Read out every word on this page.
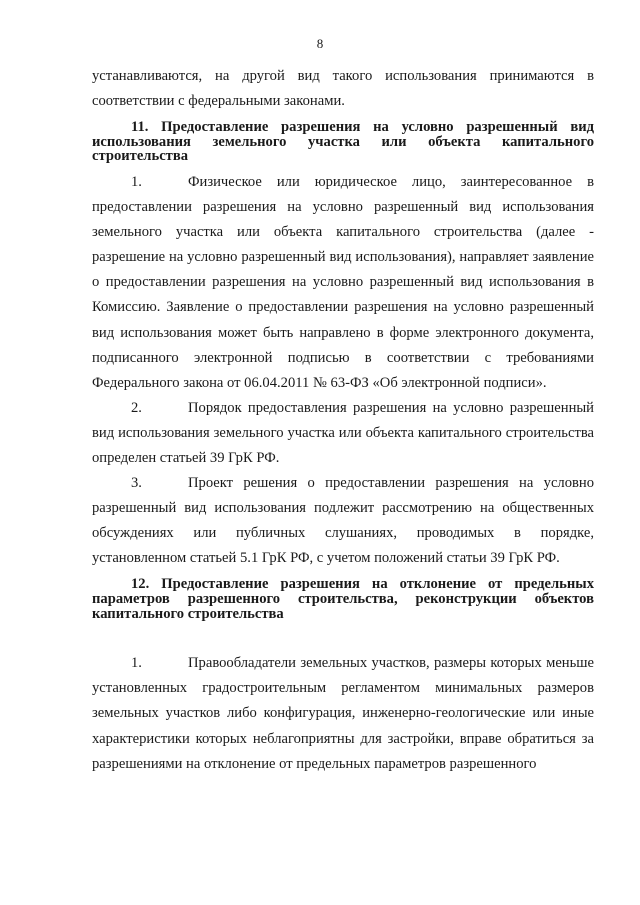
8

устанавливаются, на другой вид такого использования принимаются в соответствии с федеральными законами.

11. Предоставление разрешения на условно разрешенный вид использования земельного участка или объекта капитального строительства

1.	Физическое или юридическое лицо, заинтересованное в предоставлении разрешения на условно разрешенный вид использования земельного участка или объекта капитального строительства (далее - разрешение на условно разрешенный вид использования), направляет заявление о предоставлении разрешения на условно разрешенный вид использования в Комиссию. Заявление о предоставлении разрешения на условно разрешенный вид использования может быть направлено в форме электронного документа, подписанного электронной подписью в соответствии с требованиями Федерального закона от 06.04.2011 № 63-ФЗ «Об электронной подписи».

2.	Порядок предоставления разрешения на условно разрешенный вид использования земельного участка или объекта капитального строительства определен статьей 39 ГрК РФ.

3.	Проект решения о предоставлении разрешения на условно разрешенный вид использования подлежит рассмотрению на общественных обсуждениях или публичных слушаниях, проводимых в порядке, установленном статьей 5.1 ГрК РФ, с учетом положений статьи 39 ГрК РФ.

12. Предоставление разрешения на отклонение от предельных параметров разрешенного строительства, реконструкции объектов капитального строительства

1.	Правообладатели земельных участков, размеры которых меньше установленных градостроительным регламентом минимальных размеров земельных участков либо конфигурация, инженерно-геологические или иные характеристики которых неблагоприятны для застройки, вправе обратиться за разрешениями на отклонение от предельных параметров разрешенного
